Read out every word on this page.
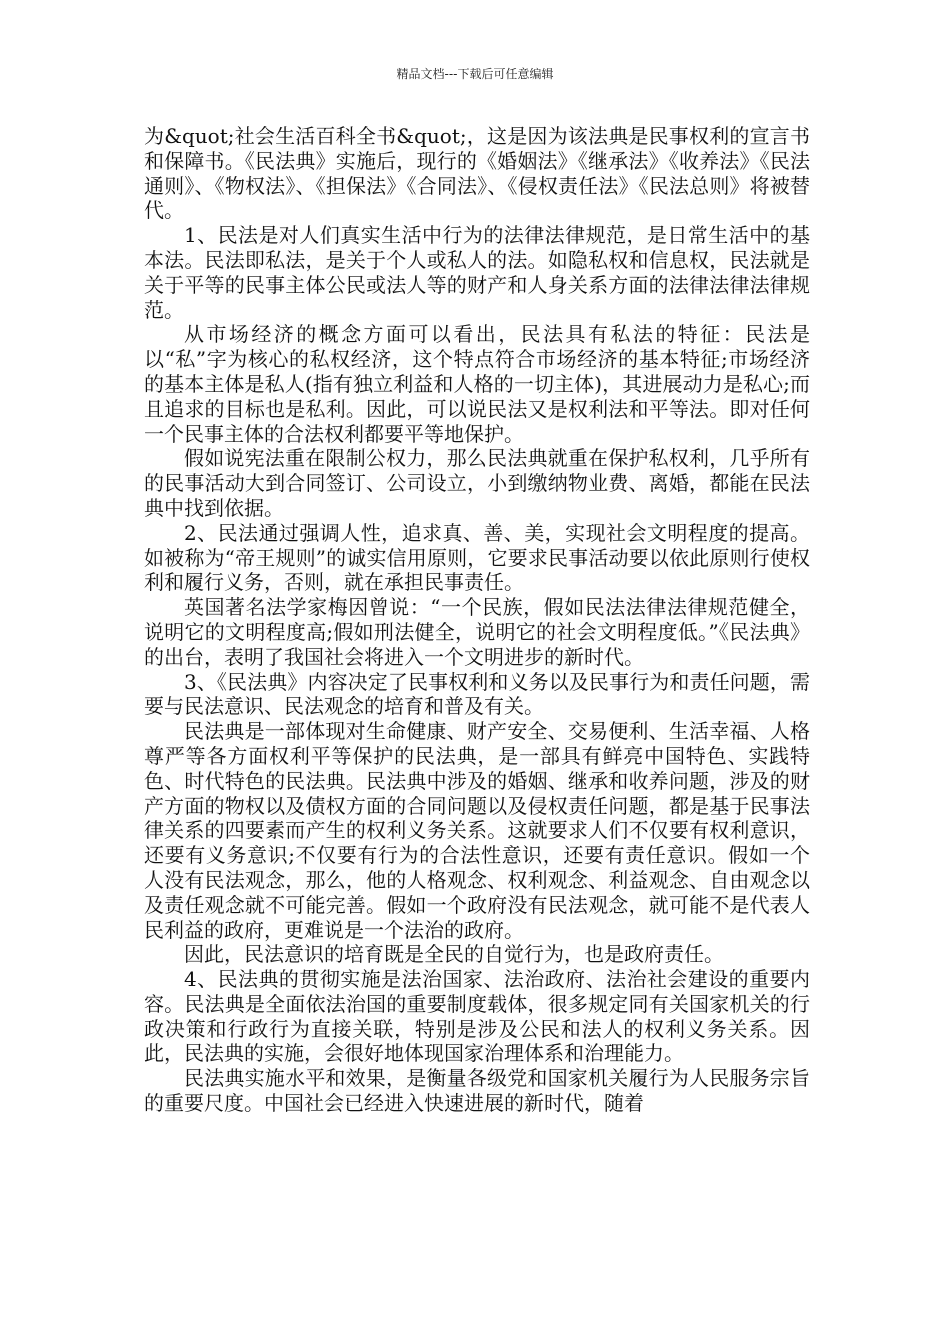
精品文档---下载后可任意编辑

为&quot;社会生活百科全书&quot;，这是因为该法典是民事权利的宣言书和保障书。《民法典》实施后，现行的《婚姻法》《继承法》《收养法》《民法通则》、《物权法》、《担保法》《合同法》、《侵权责任法》《民法总则》将被替代。

1、民法是对人们真实生活中行为的法律法律规范，是日常生活中的基本法。民法即私法，是关于个人或私人的法。如隐私权和信息权，民法就是关于平等的民事主体公民或法人等的财产和人身关系方面的法律法律法律规范。

从市场经济的概念方面可以看出，民法具有私法的特征：民法是以“私”字为核心的私权经济，这个特点符合市场经济的基本特征;市场经济的基本主体是私人(指有独立利益和人格的一切主体)，其进展动力是私心;而且追求的目标也是私利。因此，可以说民法又是权利法和平等法。即对任何一个民事主体的合法权利都要平等地保护。

假如说宪法重在限制公权力，那么民法典就重在保护私权利，几乎所有的民事活动大到合同签订、公司设立，小到缴纳物业费、离婚，都能在民法典中找到依据。

2、民法通过强调人性，追求真、善、美，实现社会文明程度的提高。如被称为“帝王规则”的诚实信用原则，它要求民事活动要以依此原则行使权利和履行义务，否则，就在承担民事责任。

英国著名法学家梅因曾说：“一个民族，假如民法法律法律规范健全，说明它的文明程度高;假如刑法健全，说明它的社会文明程度低。”《民法典》的出台，表明了我国社会将进入一个文明进步的新时代。

3、《民法典》内容决定了民事权利和义务以及民事行为和责任问题，需要与民法意识、民法观念的培育和普及有关。

民法典是一部体现对生命健康、财产安全、交易便利、生活幸福、人格尊严等各方面权利平等保护的民法典，是一部具有鲜亮中国特色、实践特色、时代特色的民法典。民法典中涉及的婚姻、继承和收养问题，涉及的财产方面的物权以及债权方面的合同问题以及侵权责任问题，都是基于民事法律关系的四要素而产生的权利义务关系。这就要求人们不仅要有权利意识，还要有义务意识;不仅要有行为的合法性意识，还要有责任意识。假如一个人没有民法观念，那么，他的人格观念、权利观念、利益观念、自由观念以及责任观念就不可能完善。假如一个政府没有民法观念，就可能不是代表人民利益的政府，更难说是一个法治的政府。

因此，民法意识的培育既是全民的自觉行为，也是政府责任。

4、民法典的贯彻实施是法治国家、法治政府、法治社会建设的重要内容。民法典是全面依法治国的重要制度载体，很多规定同有关国家机关的行政决策和行政行为直接关联，特别是涉及公民和法人的权利义务关系。因此，民法典的实施，会很好地体现国家治理体系和治理能力。

民法典实施水平和效果，是衡量各级党和国家机关履行为人民服务宗旨的重要尺度。中国社会已经进入快速进展的新时代，随着
